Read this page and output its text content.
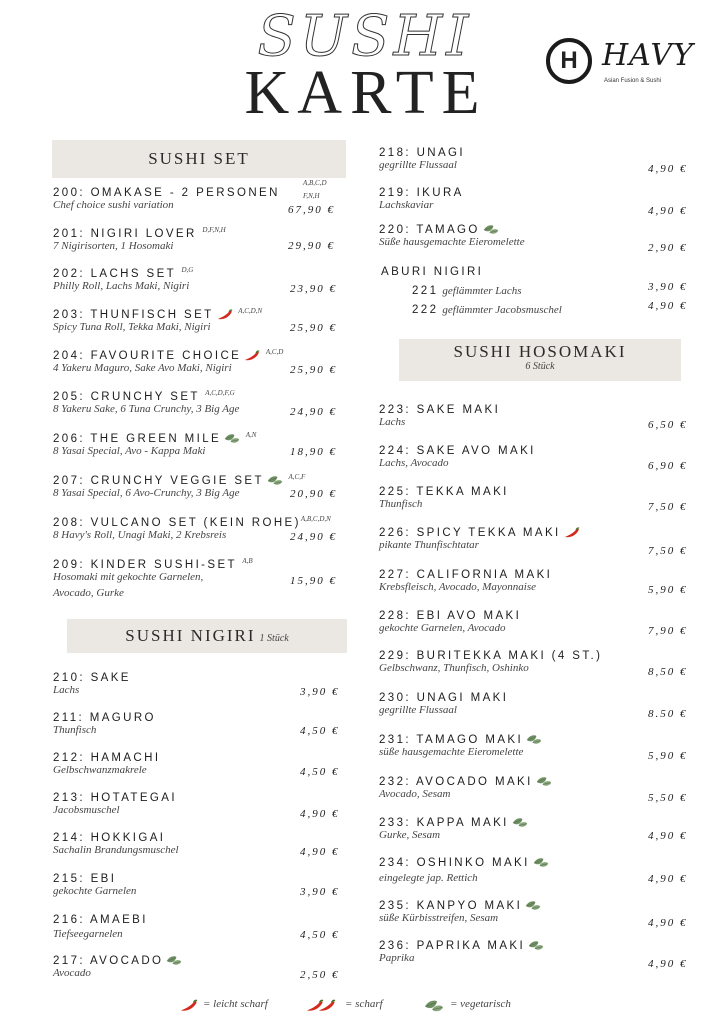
SUSHI
KARTE	H HAVY
Asian Fusion & Sushi
SUSHI SET
200: OMAKASE - 2 PERSONEN
Chef choice sushi variation
A,B,C,D
F,N,H
67,90 €
201: NIGIRI LOVER $^{D,F,N,H}$
7 Nigirisorten, 1 Hosomaki	29,90 €
202: LACHS SET $^{D,G}$
Philly Roll, Lachs Maki, Nigiri	23,90 €
203: THUNFISCH SET	$^{A,C,D,N}$
Spicy Tuna Roll, Tekka Maki, Nigiri	25,90 €
204: FAVOURITE CHOICE	$^{A,C,D}$
4 Yakeru Maguro, Sake Avo Maki, Nigiri	25,90 €
205: CRUNCHY SET $^{A,C,D,F,G}$
8 Yakeru Sake, 6 Tuna Crunchy, 3 Big Age	24,90 €
206: THE GREEN MILE	$^{A,N}$
8 Yasai Special, Avo - Kappa Maki	18,90 €
207: CRUNCHY VEGGIE SET	$^{A,C,F}$
8 Yasai Special, 6 Avo-Crunchy, 3 Big Age	20,90 €
208: VULCANO SET (KEIN ROHE)$^{A,B,C,D,N}$
8 Havy's Roll, Unagi Maki, 2 Krebsreis	24,90 €
209: KINDER SUSHI-SET $^{A,B}$
Hosomaki mit gekochte Garnelen,
Avocado, Gurke
15,90 €
SUSHI NIGIRI 1 Stück
210: SAKE
Lachs	3,90 €
211: MAGURO
Thunfisch	4,50 €
212: HAMACHI
Gelbschwanzmakrele	4,50 €
213: HOTATEGAI
Jacobsmuschel	4,90 €
214: HOKKIGAI
Sachalin Brandungsmuschel	4,90 €
215: EBI
gekochte Garnelen	3,90 €
216: AMAEBI
Tiefseegarnelen	4,50 €
217: AVOCADO
Avocado	2,50 €
218: UNAGI
gegrillte Flussaal	4,90 €
219: IKURA
Lachskaviar	4,90 €
220: TAMAGO
Süße hausgemachte Eieromelette	2,90 €
ABURI NIGIRI
221 geflämmter Lachs	3,90 €
222 geflämmter Jacobsmuschel	4,90 €
SUSHI HOSOMAKI
6 Stück
223: SAKE MAKI
Lachs	6,50 €
224: SAKE AVO MAKI
Lachs, Avocado	6,90 €
225: TEKKA MAKI
Thunfisch	7,50 €
226: SPICY TEKKA MAKI
pikante Thunfischtatar	7,50 €
227: CALIFORNIA MAKI
Krebsfleisch, Avocado, Mayonnaise	5,90 €
228: EBI AVO MAKI
gekochte Garnelen, Avocado	7,90 €
229: BURITEKKA MAKI (4 ST.)
Gelbschwanz, Thunfisch, Oshinko	8,50 €
230: UNAGI MAKI
gegrillte Flussaal	8.50 €
231: TAMAGO MAKI
süße hausgemachte Eieromelette	5,90 €
232: AVOCADO MAKI
Avocado, Sesam	5,50 €
233: KAPPA MAKI
Gurke, Sesam	4,90 €
234: OSHINKO MAKI
eingelegte jap. Rettich	4,90 €
235: KANPYO MAKI
süße Kürbisstreifen, Sesam	4,90 €
236: PAPRIKA MAKI
Paprika	4,90 €
= leicht scharf	= scharf	= vegetarisch
